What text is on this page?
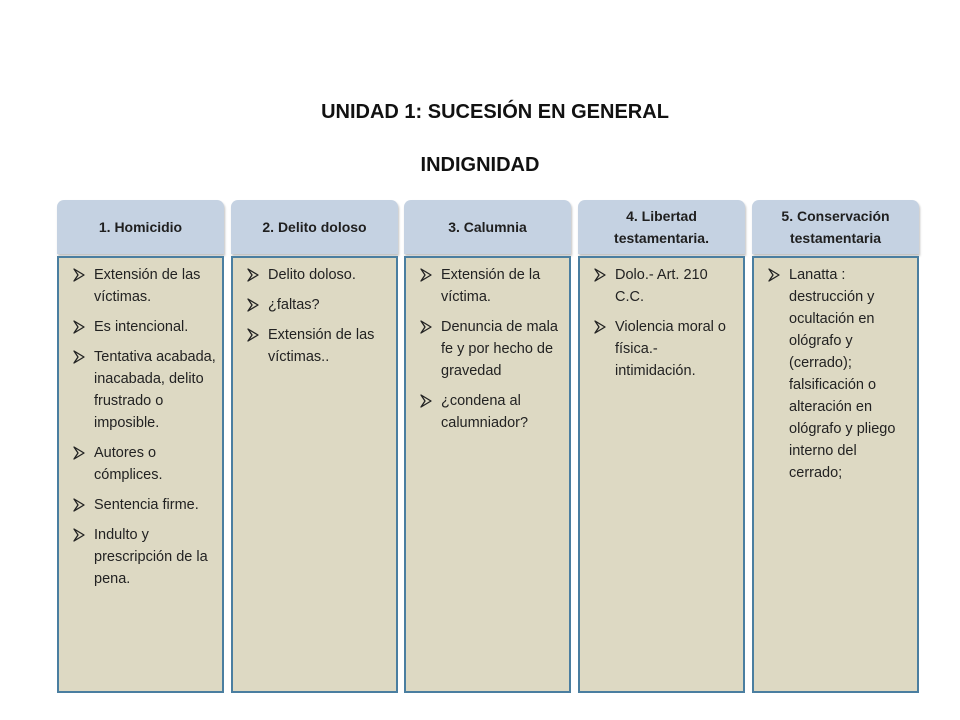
UNIDAD 1: SUCESIÓN EN GENERAL
INDIGNIDAD
1. Homicidio
Extensión de las víctimas.
Es intencional.
Tentativa acabada, inacabada, delito frustrado o imposible.
Autores o cómplices.
Sentencia firme.
Indulto y prescripción de la pena.
2. Delito doloso
Delito doloso.
¿faltas?
Extensión de las víctimas..
3. Calumnia
Extensión de la víctima.
Denuncia de mala fe y por hecho de gravedad
¿condena al calumniador?
4. Libertad testamentaria.
Dolo.- Art. 210 C.C.
Violencia moral o física.- intimidación.
5. Conservación testamentaria
Lanatta : destrucción y ocultación en ológrafo y (cerrado); falsificación o alteración en ológrafo y pliego interno del cerrado;
